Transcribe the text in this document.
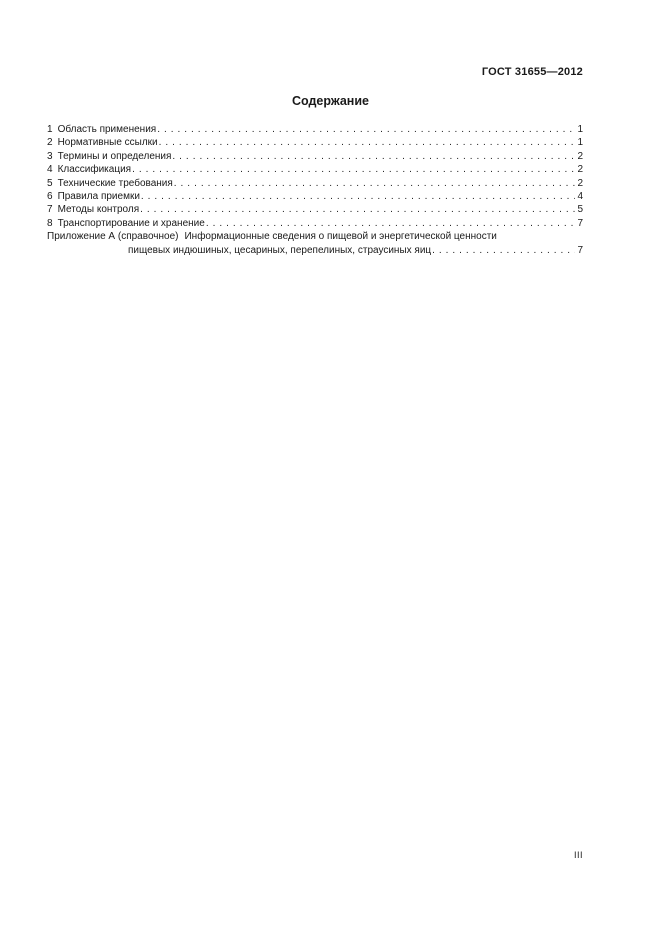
ГОСТ 31655—2012
Содержание
1 Область применения . . .	1
2 Нормативные ссылки . . .	1
3 Термины и определения . . .	2
4 Классификация . . .	2
5 Технические требования . . .	2
6 Правила приемки . . .	4
7 Методы контроля . . .	5
8 Транспортирование и хранение . . .	7
Приложение А (справочное) Информационные сведения о пищевой и энергетической ценности
пищевых индюшиных, цесариных, перепелиных, страусиных яиц . . .	7
III
